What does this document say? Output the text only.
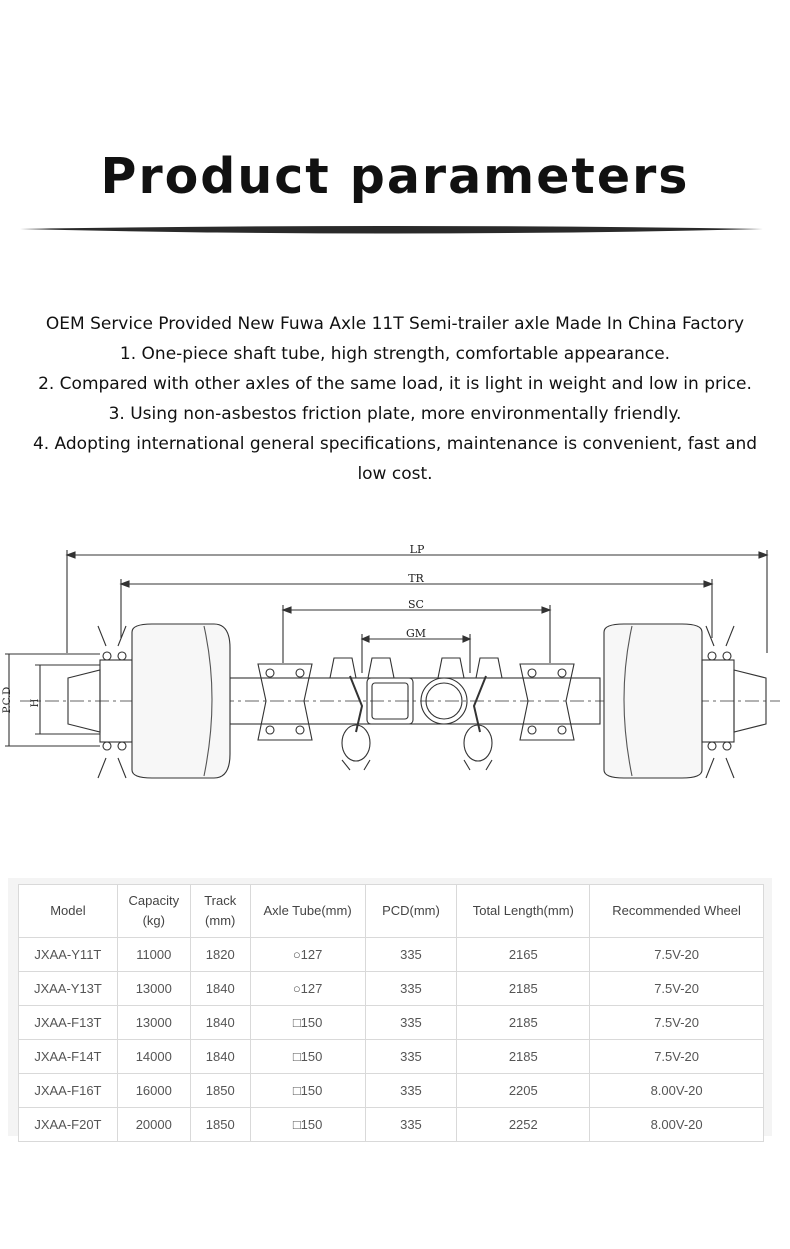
Product parameters
OEM Service Provided New Fuwa Axle 11T Semi-trailer axle Made In China Factory
1. One-piece shaft tube, high strength, comfortable appearance.
2. Compared with other axles of the same load, it is light in weight and low in price.
3. Using non-asbestos friction plate, more environmentally friendly.
4. Adopting international general specifications, maintenance is convenient, fast and low cost.
LP
TR
SC
GM
P.C.D H
Model	Capacity (kg)	Track (mm)	Axle Tube(mm)	PCD(mm)	Total Length(mm)	Recommended Wheel
JXAA-Y11T	11000	1820	○127	335	2165	7.5V-20
JXAA-Y13T	13000	1840	○127	335	2185	7.5V-20
JXAA-F13T	13000	1840	□150	335	2185	7.5V-20
JXAA-F14T	14000	1840	□150	335	2185	7.5V-20
JXAA-F16T	16000	1850	□150	335	2205	8.00V-20
JXAA-F20T	20000	1850	□150	335	2252	8.00V-20
